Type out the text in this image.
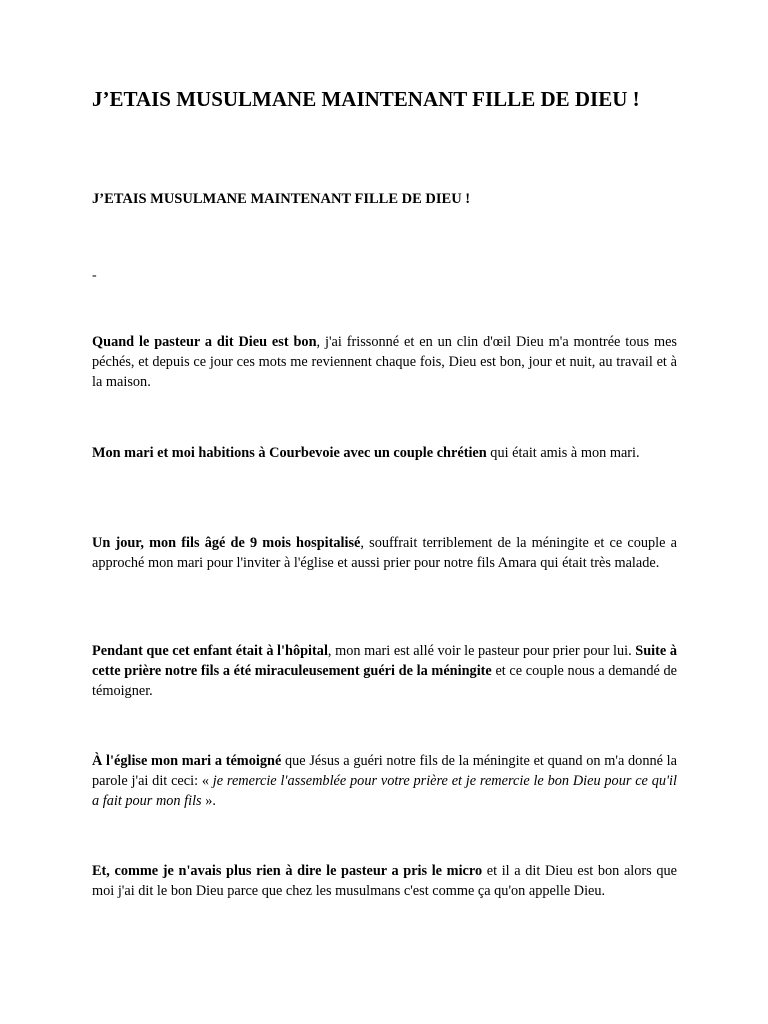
J’ETAIS MUSULMANE MAINTENANT FILLE DE DIEU !

J’ETAIS MUSULMANE MAINTENANT FILLE DE DIEU !

-

Quand le pasteur a dit Dieu est bon, j'ai frissonné et en un clin d'œil Dieu m'a montrée tous mes péchés, et depuis ce jour ces mots me reviennent chaque fois, Dieu est bon, jour et nuit, au travail et à la maison.

Mon mari et moi habitions à Courbevoie avec un couple chrétien qui était amis à mon mari.

Un jour, mon fils âgé de 9 mois hospitalisé, souffrait terriblement de la méningite et ce couple a approché mon mari pour l'inviter à l'église et aussi prier pour notre fils Amara qui était très malade.

Pendant que cet enfant était à l'hôpital, mon mari est allé voir le pasteur pour prier pour lui. Suite à cette prière notre fils a été miraculeusement guéri de la méningite et ce couple nous a demandé de témoigner.

À l'église mon mari a témoigné que Jésus a guéri notre fils de la méningite et quand on m'a donné la parole j'ai dit ceci: « je remercie l'assemblée pour votre prière et je remercie le bon Dieu pour ce qu'il a fait pour mon fils ».

Et, comme je n'avais plus rien à dire le pasteur a pris le micro et il a dit Dieu est bon alors que moi j'ai dit le bon Dieu parce que chez les musulmans c'est comme ça qu'on appelle Dieu.
